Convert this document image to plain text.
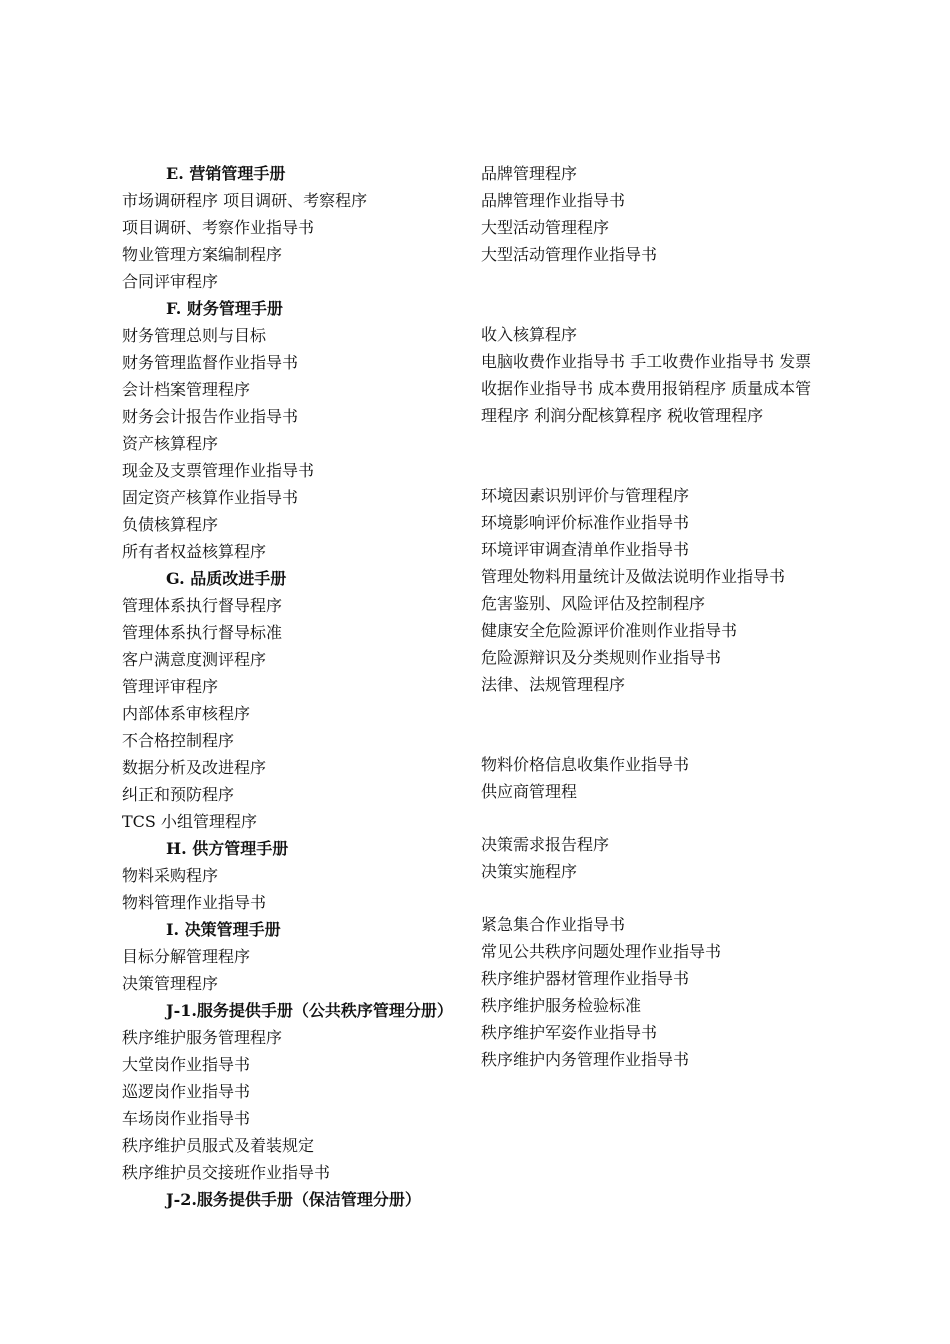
E. 营销管理手册
市场调研程序 项目调研、考察程序
项目调研、考察作业指导书
物业管理方案编制程序
合同评审程序
F. 财务管理手册
财务管理总则与目标
财务管理监督作业指导书
会计档案管理程序
财务会计报告作业指导书
资产核算程序
现金及支票管理作业指导书
固定资产核算作业指导书
负债核算程序
所有者权益核算程序
G. 品质改进手册
管理体系执行督导程序
管理体系执行督导标准
客户满意度测评程序
管理评审程序
内部体系审核程序
不合格控制程序
数据分析及改进程序
纠正和预防程序
TCS 小组管理程序
H. 供方管理手册
物料采购程序
物料管理作业指导书
I. 决策管理手册
目标分解管理程序
决策管理程序
J-1.服务提供手册（公共秩序管理分册）
秩序维护服务管理程序
大堂岗作业指导书
巡逻岗作业指导书
车场岗作业指导书
秩序维护员服式及着装规定
秩序维护员交接班作业指导书
J-2.服务提供手册（保洁管理分册）
品牌管理程序
品牌管理作业指导书
大型活动管理程序
大型活动管理作业指导书
收入核算程序
电脑收费作业指导书 手工收费作业指导书 发票收据作业指导书 成本费用报销程序 质量成本管理程序 利润分配核算程序 税收管理程序
环境因素识别评价与管理程序
环境影响评价标准作业指导书
环境评审调查清单作业指导书
管理处物料用量统计及做法说明作业指导书
危害鉴别、风险评估及控制程序
健康安全危险源评价准则作业指导书
危险源辩识及分类规则作业指导书
法律、法规管理程序
物料价格信息收集作业指导书
供应商管理程
决策需求报告程序
决策实施程序
紧急集合作业指导书
常见公共秩序问题处理作业指导书
秩序维护器材管理作业指导书
秩序维护服务检验标准
秩序维护军姿作业指导书
秩序维护内务管理作业指导书
